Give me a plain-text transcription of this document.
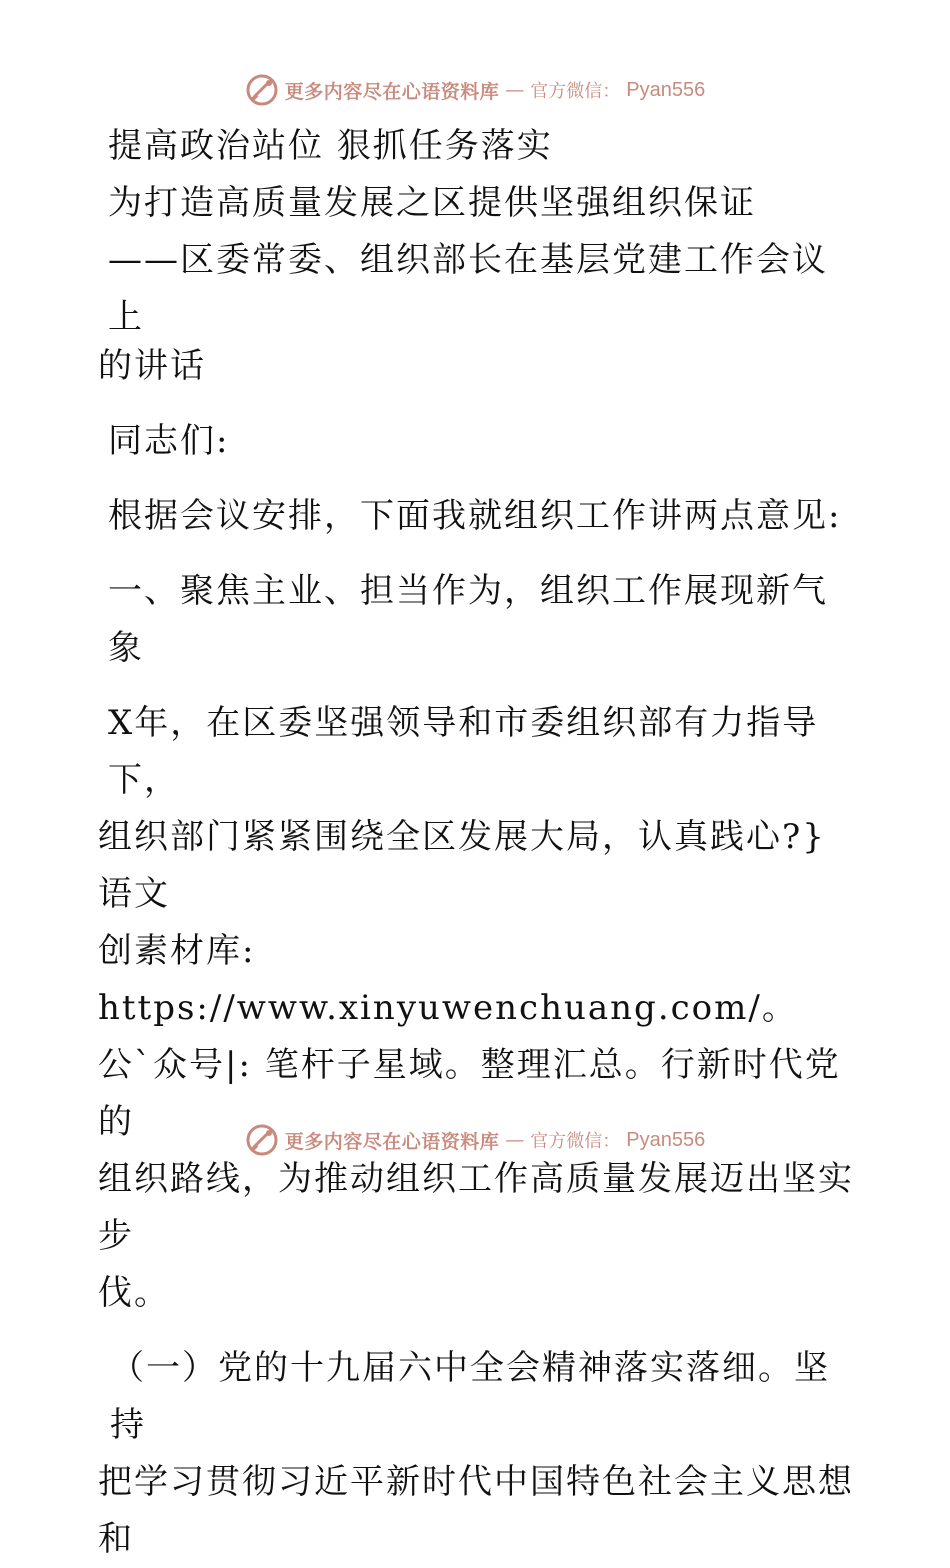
更多内容尽在心语资料库 — 官方微信： Pyan556

提高政治站位 狠抓任务落实

为打造高质量发展之区提供坚强组织保证

——区委常委、组织部长在基层党建工作会议上

的讲话

同志们:

根据会议安排，下面我就组织工作讲两点意见:

一、聚焦主业、担当作为，组织工作展现新气象

X年，在区委坚强领导和市委组织部有力指导下，

组织部门紧紧围绕全区发展大局，认真践心?}语文

创素材库: https://www.xinyuwenchuang.com/。

公`众号|: 笔杆子星域。整理汇总。行新时代党的

组织路线，为推动组织工作高质量发展迈出坚实步

伐。

（一）党的十九届六中全会精神落实落细。坚持

把学习贯彻习近平新时代中国特色社会主义思想和

更多内容尽在心语资料库 — 官方微信： Pyan556
